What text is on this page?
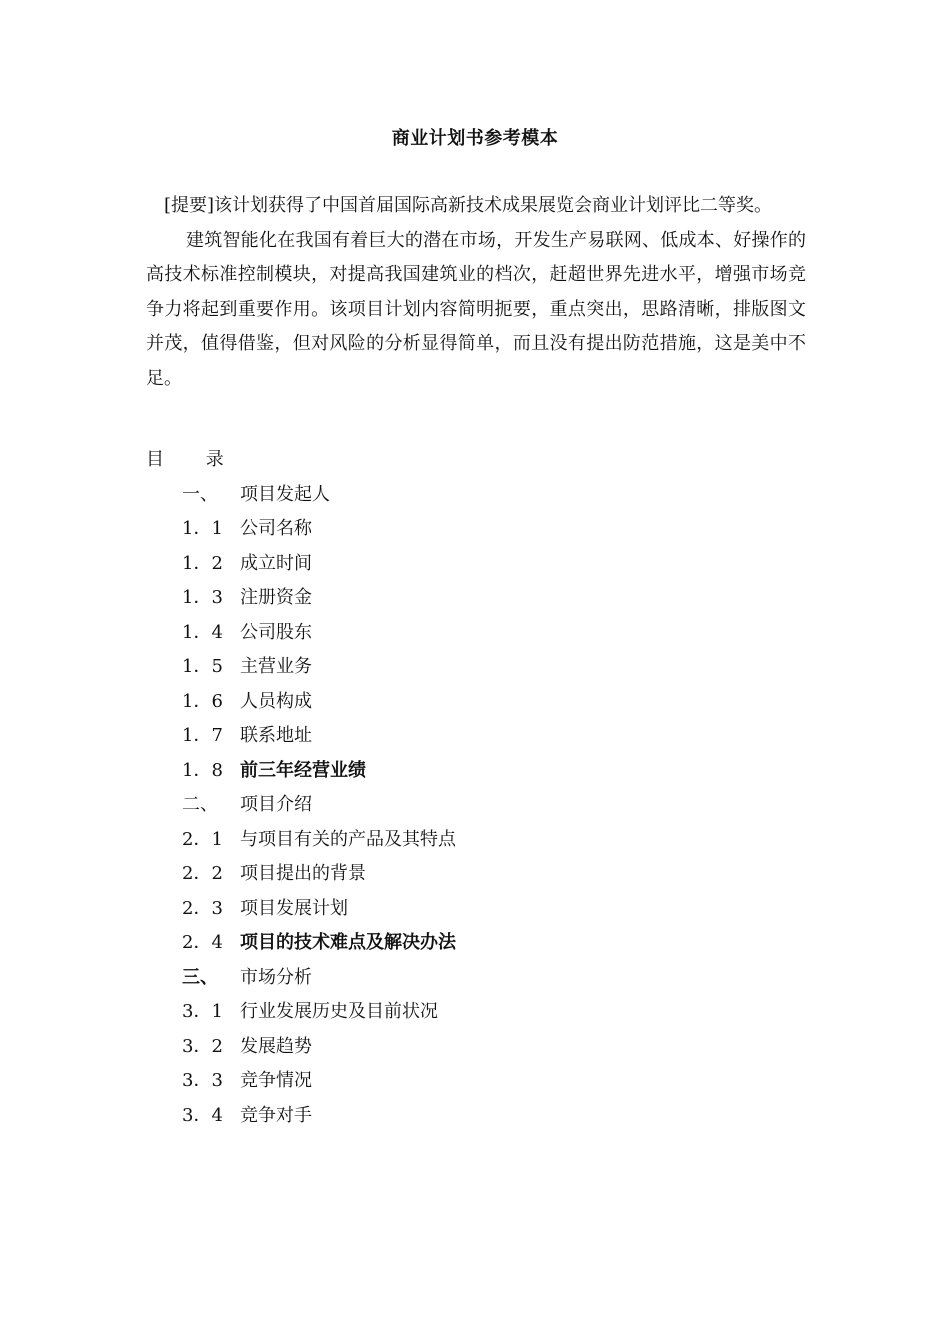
商业计划书参考模本

[提要]该计划获得了中国首届国际高新技术成果展览会商业计划评比二等奖。

建筑智能化在我国有着巨大的潜在市场，开发生产易联网、低成本、好操作的高技术标准控制模块，对提高我国建筑业的档次，赶超世界先进水平，增强市场竞争力将起到重要作用。该项目计划内容简明扼要，重点突出，思路清晰，排版图文并茂，值得借鉴，但对风险的分析显得简单，而且没有提出防范措施，这是美中不足。

目 录
一、 项目发起人
1．1 公司名称
1．2 成立时间
1．3 注册资金
1．4 公司股东
1．5 主营业务
1．6 人员构成
1．7 联系地址
1．8 前三年经营业绩
二、 项目介绍
2．1 与项目有关的产品及其特点
2．2 项目提出的背景
2．3 项目发展计划
2．4 项目的技术难点及解决办法
三、 市场分析
3．1 行业发展历史及目前状况
3．2 发展趋势
3．3 竞争情况
3．4 竞争对手
